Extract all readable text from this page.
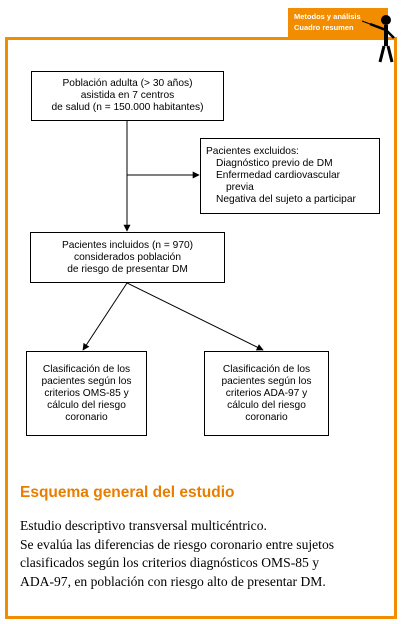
Metodos y análisis
Cuadro resumen
Población adulta (> 30 años)
asistida en 7 centros
de salud (n = 150.000 habitantes)
Pacientes excluidos:
Diagnóstico previo de DM
Enfermedad cardiovascular
previa
Negativa del sujeto a participar
Pacientes incluidos (n = 970)
considerados población
de riesgo de presentar DM
Clasificación de los
pacientes según los
criterios OMS-85 y
cálculo del riesgo
coronario
Clasificación de los
pacientes según los
criterios ADA-97 y
cálculo del riesgo
coronario
Esquema general del estudio
Estudio descriptivo transversal multicéntrico.
Se evalúa las diferencias de riesgo coronario entre sujetos
clasificados según los criterios diagnósticos OMS-85 y
ADA-97, en población con riesgo alto de presentar DM.
